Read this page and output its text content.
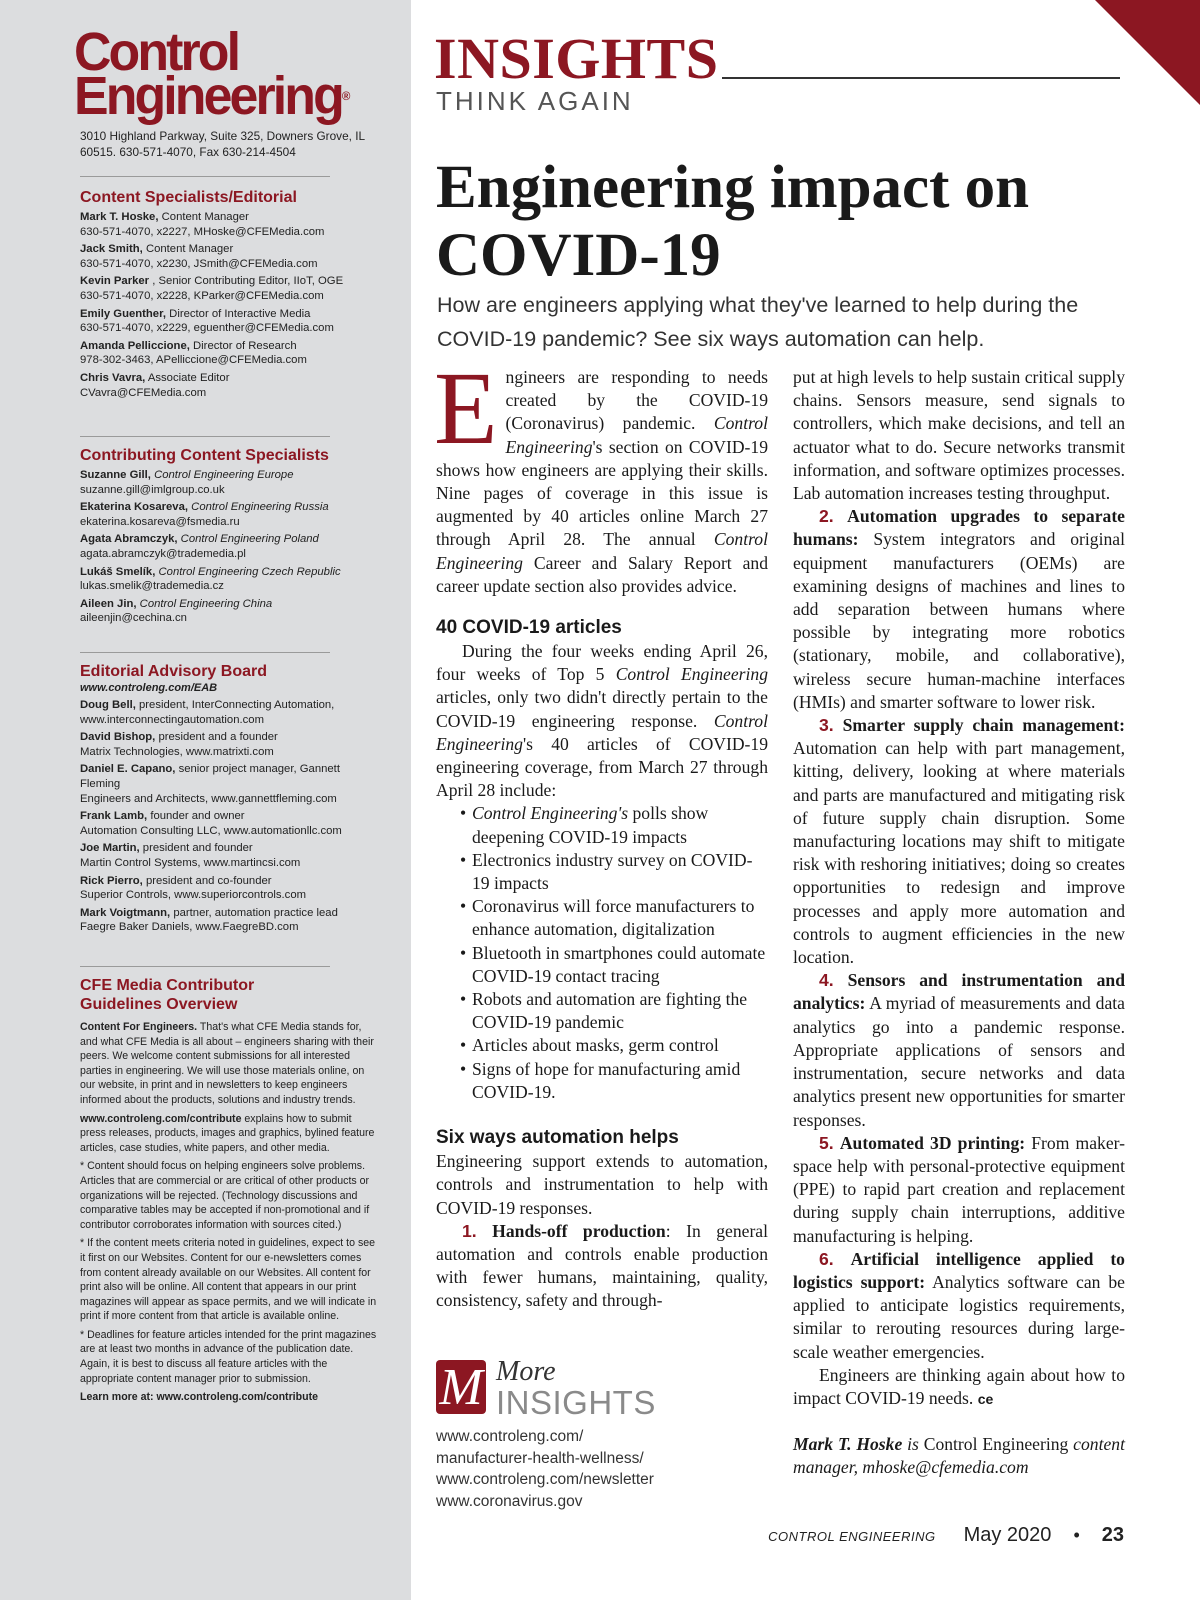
Control
Engineering®
3010 Highland Parkway, Suite 325, Downers Grove, IL 60515. 630-571-4070, Fax 630-214-4504
Content Specialists/Editorial
Mark T. Hoske, Content Manager
630-571-4070, x2227, MHoske@CFEMedia.com
Jack Smith, Content Manager
630-571-4070, x2230, JSmith@CFEMedia.com
Kevin Parker , Senior Contributing Editor, IIoT, OGE
630-571-4070, x2228, KParker@CFEMedia.com
Emily Guenther, Director of Interactive Media
630-571-4070, x2229, eguenther@CFEMedia.com
Amanda Pelliccione, Director of Research
978-302-3463, APelliccione@CFEMedia.com
Chris Vavra, Associate Editor
CVavra@CFEMedia.com
Contributing Content Specialists
Suzanne Gill, Control Engineering Europe
suzanne.gill@imlgroup.co.uk
Ekaterina Kosareva, Control Engineering Russia
ekaterina.kosareva@fsmedia.ru
Agata Abramczyk, Control Engineering Poland
agata.abramczyk@trademedia.pl
Lukáš Smelík, Control Engineering Czech Republic
lukas.smelik@trademedia.cz
Aileen Jin, Control Engineering China
aileenjin@cechina.cn
Editorial Advisory Board
www.controleng.com/EAB
Doug Bell, president, InterConnecting Automation,
www.interconnectingautomation.com
David Bishop, president and a founder
Matrix Technologies, www.matrixti.com
Daniel E. Capano, senior project manager, Gannett Fleming
Engineers and Architects, www.gannettfleming.com
Frank Lamb, founder and owner
Automation Consulting LLC, www.automationllc.com
Joe Martin, president and founder
Martin Control Systems, www.martincsi.com
Rick Pierro, president and co-founder
Superior Controls, www.superiorcontrols.com
Mark Voigtmann, partner, automation practice lead
Faegre Baker Daniels, www.FaegreBD.com
CFE Media Contributor Guidelines Overview
Content For Engineers. That's what CFE Media stands for, and what CFE Media is all about – engineers sharing with their peers. We welcome content submissions for all interested parties in engineering. We will use those materials online, on our website, in print and in newsletters to keep engineers informed about the products, solutions and industry trends.
www.controleng.com/contribute explains how to submit press releases, products, images and graphics, bylined feature articles, case studies, white papers, and other media.
* Content should focus on helping engineers solve problems. Articles that are commercial or are critical of other products or organizations will be rejected. (Technology discussions and comparative tables may be accepted if non-promotional and if contributor corroborates information with sources cited.)
* If the content meets criteria noted in guidelines, expect to see it first on our Websites. Content for our e-newsletters comes from content already available on our Websites. All content for print also will be online. All content that appears in our print magazines will appear as space permits, and we will indicate in print if more content from that article is available online.
* Deadlines for feature articles intended for the print magazines are at least two months in advance of the publication date. Again, it is best to discuss all feature articles with the appropriate content manager prior to submission.
Learn more at: www.controleng.com/contribute
INSIGHTS
THINK AGAIN
Engineering impact on COVID-19
How are engineers applying what they've learned to help during the COVID-19 pandemic? See six ways automation can help.

Engineers are responding to needs created by the COVID-19 (Coronavirus) pandemic. Control Engineering's section on COVID-19 shows how engineers are applying their skills. Nine pages of coverage in this issue is augmented by 40 articles online March 27 through April 28. The annual Control Engineering Career and Salary Report and career update section also provides advice.

40 COVID-19 articles

During the four weeks ending April 26, four weeks of Top 5 Control Engineering articles, only two didn't directly pertain to the COVID-19 engineering response. Control Engineering's 40 articles of COVID-19 engineering coverage, from March 27 through April 28 include:

• Control Engineering's polls show deepening COVID-19 impacts
• Electronics industry survey on COVID-19 impacts
• Coronavirus will force manufacturers to enhance automation, digitalization
• Bluetooth in smartphones could automate COVID-19 contact tracing
• Robots and automation are fighting the COVID-19 pandemic
• Articles about masks, germ control
• Signs of hope for manufacturing amid COVID-19.
Six ways automation helps

Engineering support extends to automation, controls and instrumentation to help with COVID-19 responses.

1. Hands-off production: In general automation and controls enable production with fewer humans, maintaining, quality, consistency, safety and through-

put at high levels to help sustain critical supply chains. Sensors measure, send signals to controllers, which make decisions, and tell an actuator what to do. Secure networks transmit information, and software optimizes processes. Lab automation increases testing throughput.

2. Automation upgrades to separate humans: System integrators and original equipment manufacturers (OEMs) are examining designs of machines and lines to add separation between humans where possible by integrating more robotics (stationary, mobile, and collaborative), wireless secure human-machine interfaces (HMIs) and smarter software to lower risk.

3. Smarter supply chain management: Automation can help with part management, kitting, delivery, looking at where materials and parts are manufactured and mitigating risk of future supply chain disruption. Some manufacturing locations may shift to mitigate risk with reshoring initiatives; doing so creates opportunities to redesign and improve processes and apply more automation and controls to augment efficiencies in the new location.

4. Sensors and instrumentation and analytics: A myriad of measurements and data analytics go into a pandemic response. Appropriate applications of sensors and instrumentation, secure networks and data analytics present new opportunities for smarter responses.

5. Automated 3D printing: From maker-space help with personal-protective equipment (PPE) to rapid part creation and replacement during supply chain interruptions, additive manufacturing is helping.

6. Artificial intelligence applied to logistics support: Analytics software can be applied to anticipate logistics requirements, similar to rerouting resources during large-scale weather emergencies.

Engineers are thinking again about how to impact COVID-19 needs. ce

Mark T. Hoske is Control Engineering content manager, mhoske@cfemedia.com

M More
INSIGHTS
www.controleng.com/
manufacturer-health-wellness/
www.controleng.com/newsletter
www.coronavirus.gov
CONTROL ENGINEERING May 2020 • 23
